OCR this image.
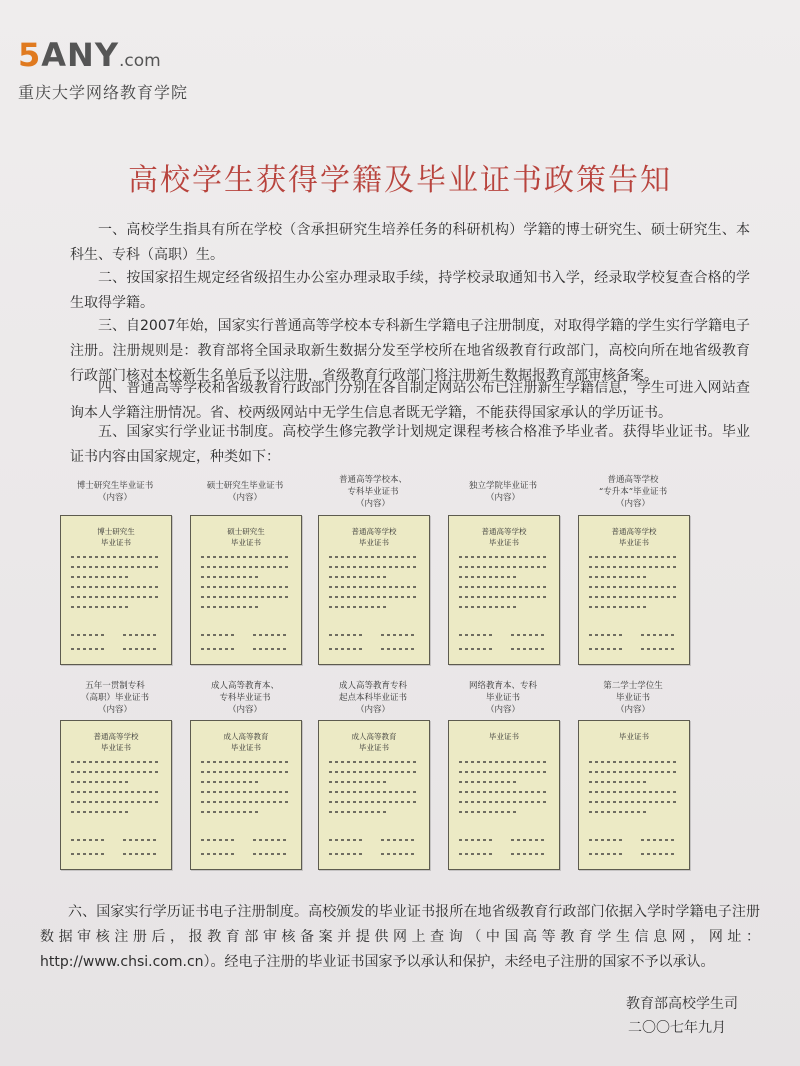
5ANY.com
重庆大学网络教育学院
高校学生获得学籍及毕业证书政策告知
一、高校学生指具有所在学校（含承担研究生培养任务的科研机构）学籍的博士研究生、硕士研究生、本科生、专科（高职）生。
二、按国家招生规定经省级招生办公室办理录取手续，持学校录取通知书入学，经录取学校复查合格的学生取得学籍。
三、自2007年始，国家实行普通高等学校本专科新生学籍电子注册制度，对取得学籍的学生实行学籍电子注册。注册规则是：教育部将全国录取新生数据分发至学校所在地省级教育行政部门，高校向所在地省级教育行政部门核对本校新生名单后予以注册，省级教育行政部门将注册新生数据报教育部审核备案。
四、普通高等学校和省级教育行政部门分别在各自制定网站公布已注册新生学籍信息，学生可进入网站查询本人学籍注册情况。省、校两级网站中无学生信息者既无学籍，不能获得国家承认的学历证书。
五、国家实行学业证书制度。高校学生修完教学计划规定课程考核合格准予毕业者。获得毕业证书。毕业证书内容由国家规定，种类如下：
博士研究生毕业证书
（内容）
博士研究生
毕业证书
硕士研究生毕业证书
（内容）
硕士研究生
毕业证书
普通高等学校本、
专科毕业证书
（内容）
普通高等学校
毕业证书
独立学院毕业证书
（内容）
普通高等学校
毕业证书
普通高等学校
“专升本”毕业证书
（内容）
普通高等学校
毕业证书
五年一贯制专科
（高职）毕业证书
（内容）
普通高等学校
毕业证书
成人高等教育本、
专科毕业证书
（内容）
成人高等教育
毕业证书
成人高等教育专科
起点本科毕业证书
（内容）
成人高等教育
毕业证书
网络教育本、专科
毕业证书
（内容）
毕业证书
第二学士学位生
毕业证书
（内容）
毕业证书
六、国家实行学历证书电子注册制度。高校颁发的毕业证书报所在地省级教育行政部门依据入学时学籍电子注册数据审核注册后，报教育部审核备案并提供网上查询（中国高等教育学生信息网，网址：http://www.chsi.com.cn）。经电子注册的毕业证书国家予以承认和保护，未经电子注册的国家不予以承认。
教育部高校学生司
二〇〇七年九月
